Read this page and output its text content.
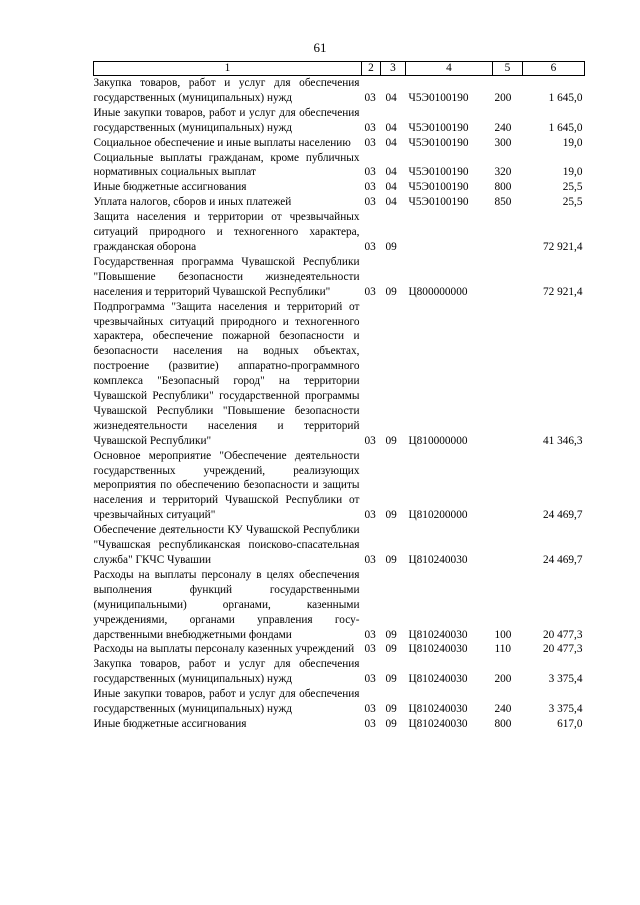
61
1	2	3	4	5	6
Закупка товаров, работ и услуг для обеспечения государственных (муниципальных) нужд	03	04	Ч5Э0100190	200	1 645,0
Иные закупки товаров, работ и услуг для обеспечения государственных (муниципальных) нужд	03	04	Ч5Э0100190	240	1 645,0
Социальное обеспечение и иные выплаты населению	03	04	Ч5Э0100190	300	19,0
Социальные выплаты гражданам, кроме публичных нормативных социальных выплат	03	04	Ч5Э0100190	320	19,0
Иные бюджетные ассигнования	03	04	Ч5Э0100190	800	25,5
Уплата налогов, сборов и иных платежей	03	04	Ч5Э0100190	850	25,5
Защита населения и территории от чрезвычайных ситуаций природного и техногенного характера, гражданская оборона	03	09			72 921,4
Государственная программа Чувашской Республики "Повышение безопасности жизнедеятельности населения и территорий Чувашской Республики"	03	09	Ц800000000		72 921,4
Подпрограмма "Защита населения и территорий от чрезвычайных ситуаций природного и техногенного характера, обеспечение пожарной безопасности и безопасности населения на водных объектах, построение (развитие) аппаратно-программного комплекса "Безопасный город" на территории Чувашской Республики" государственной программы Чувашской Республики "Повышение безопасности жизнедеятельности населения и территорий Чувашской Республики"	03	09	Ц810000000		41 346,3
Основное мероприятие "Обеспечение деятельности государственных учреждений, реализующих мероприятия по обеспечению безопасности и защиты населения и территорий Чувашской Республики от чрезвычайных ситуаций"	03	09	Ц810200000		24 469,7
Обеспечение деятельности КУ Чувашской Республики "Чувашская республиканская поисково-спасательная служба" ГКЧС Чувашии	03	09	Ц810240030		24 469,7
Расходы на выплаты персоналу в целях обеспечения выполнения функций государственными (муниципальными) органами, казенными учреждениями, органами управления государственными внебюджетными фондами	03	09	Ц810240030	100	20 477,3
Расходы на выплаты персоналу казенных учреждений	03	09	Ц810240030	110	20 477,3
Закупка товаров, работ и услуг для обеспечения государственных (муниципальных) нужд	03	09	Ц810240030	200	3 375,4
Иные закупки товаров, работ и услуг для обеспечения государственных (муниципальных) нужд	03	09	Ц810240030	240	3 375,4
Иные бюджетные ассигнования	03	09	Ц810240030	800	617,0
